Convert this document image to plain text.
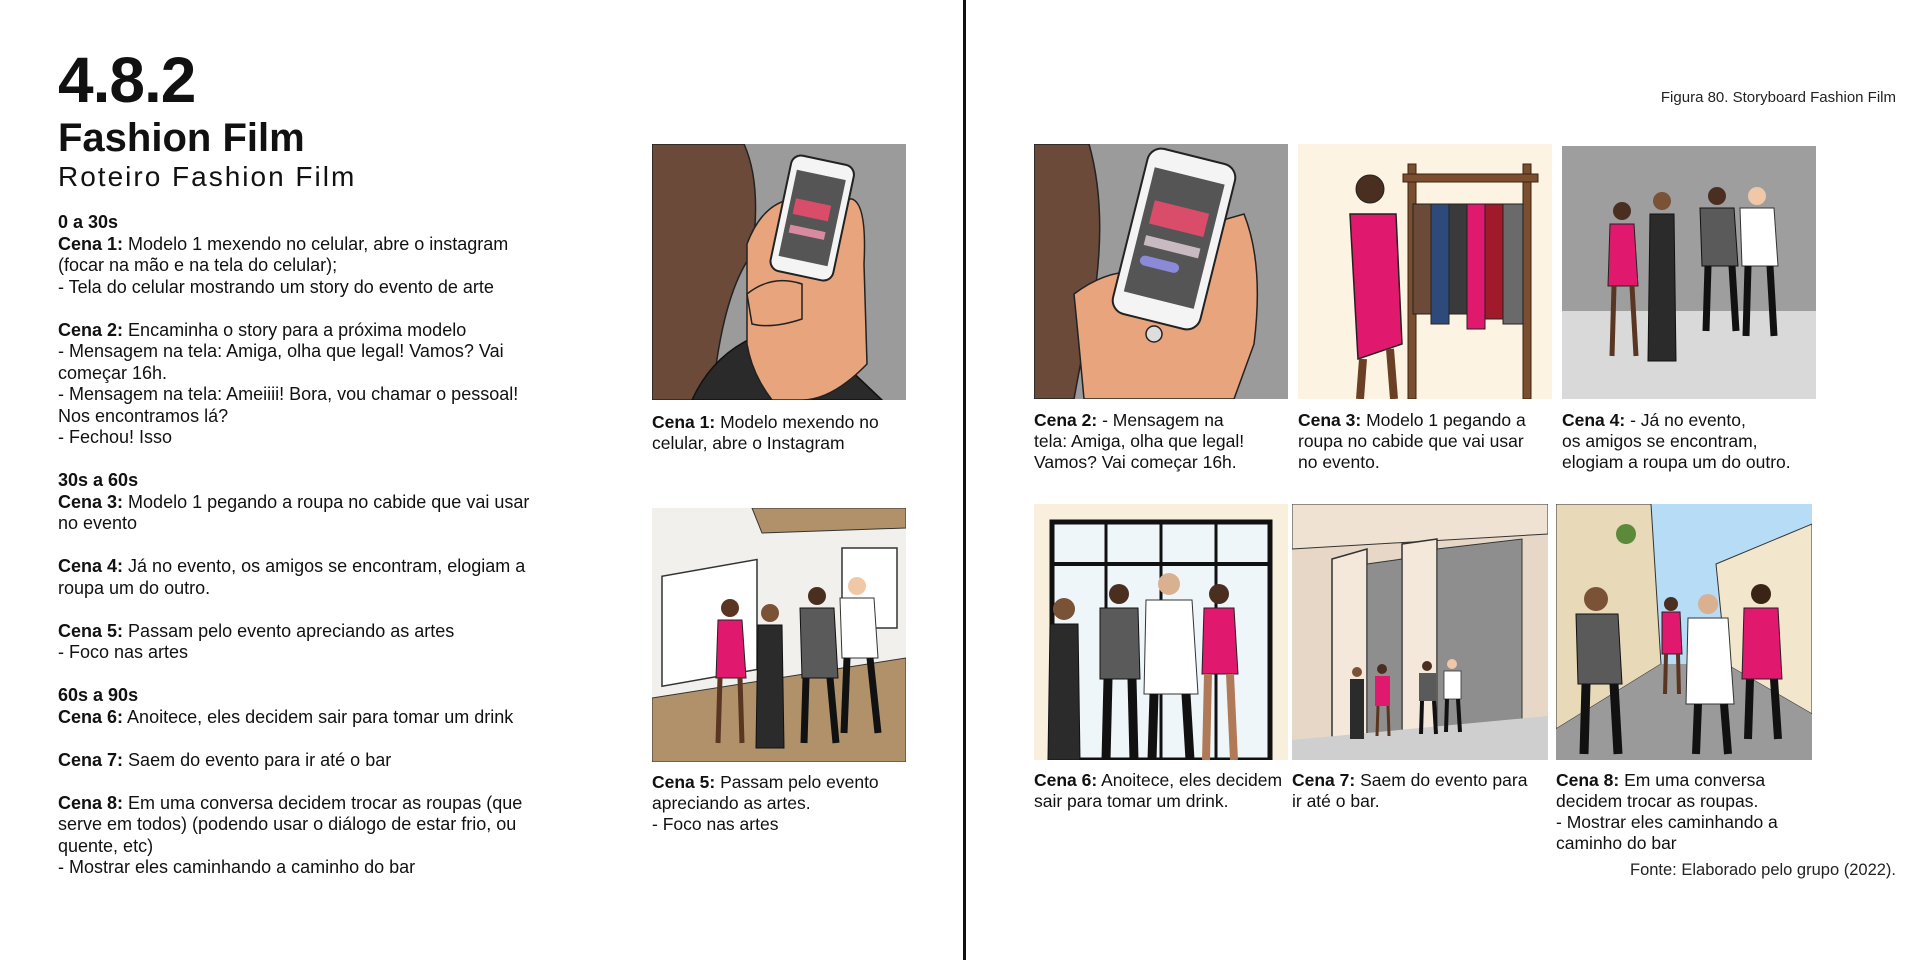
4.8.2
Fashion Film
Roteiro Fashion Film

0 a 30s
Cena 1: Modelo 1 mexendo no celular, abre o instagram
(focar na mão e na tela do celular);
- Tela do celular mostrando um story do evento de arte

Cena 2: Encaminha o story para a próxima modelo
- Mensagem na tela: Amiga, olha que legal! Vamos? Vai
começar 16h.
- Mensagem na tela: Ameiiii! Bora, vou chamar o pessoal!
Nos encontramos lá?
- Fechou! Isso

30s a 60s
Cena 3: Modelo 1 pegando a roupa no cabide que vai usar
no evento

Cena 4: Já no evento, os amigos se encontram, elogiam a
roupa um do outro.

Cena 5: Passam pelo evento apreciando as artes
- Foco nas artes

60s a 90s
Cena 6: Anoitece, eles decidem sair para tomar um drink

Cena 7: Saem do evento para ir até o bar

Cena 8: Em uma conversa decidem trocar as roupas (que
serve em todos) (podendo usar o diálogo de estar frio, ou
quente, etc)
- Mostrar eles caminhando a caminho do bar

Cena 1: Modelo mexendo no
celular, abre o Instagram
Cena 5: Passam pelo evento
apreciando as artes.
- Foco nas artes
Figura 80. Storyboard Fashion Film
Cena 2: - Mensagem na
tela: Amiga, olha que legal!
Vamos? Vai começar 16h.
Cena 3: Modelo 1 pegando a
roupa no cabide que vai usar
no evento.
Cena 4: - Já no evento,
os amigos se encontram,
elogiam a roupa um do outro.
Cena 6: Anoitece, eles decidem
sair para tomar um drink.
Cena 7: Saem do evento para
ir até o bar.
Cena 8: Em uma conversa
decidem trocar as roupas.
- Mostrar eles caminhando a
caminho do bar
Fonte: Elaborado pelo grupo (2022).
